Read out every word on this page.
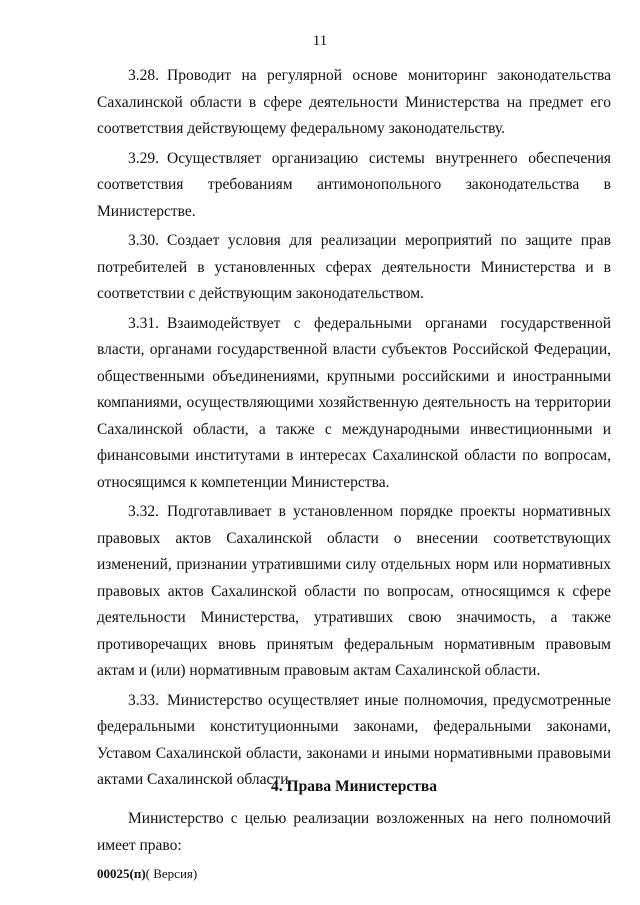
11

3.28. Проводит на регулярной основе мониторинг законодательства Сахалинской области в сфере деятельности Министерства на предмет его соответствия действующему федеральному законодательству.

3.29. Осуществляет организацию системы внутреннего обеспечения соответствия требованиям антимонопольного законодательства в Министерстве.

3.30. Создает условия для реализации мероприятий по защите прав потребителей в установленных сферах деятельности Министерства и в соответствии с действующим законодательством.

3.31. Взаимодействует с федеральными органами государственной власти, органами государственной власти субъектов Российской Федерации, общественными объединениями, крупными российскими и иностранными компаниями, осуществляющими хозяйственную деятельность на территории Сахалинской области, а также с международными инвестиционными и финансовыми институтами в интересах Сахалинской области по вопросам, относящимся к компетенции Министерства.

3.32. Подготавливает в установленном порядке проекты нормативных правовых актов Сахалинской области о внесении соответствующих изменений, признании утратившими силу отдельных норм или нормативных правовых актов Сахалинской области по вопросам, относящимся к сфере деятельности Министерства, утративших свою значимость, а также противоречащих вновь принятым федеральным нормативным правовым актам и (или) нормативным правовым актам Сахалинской области.

3.33. Министерство осуществляет иные полномочия, предусмотренные федеральными конституционными законами, федеральными законами, Уставом Сахалинской области, законами и иными нормативными правовыми актами Сахалинской области.

4. Права Министерства

Министерство с целью реализации возложенных на него полномочий имеет право:

00025(п)( Версия)
